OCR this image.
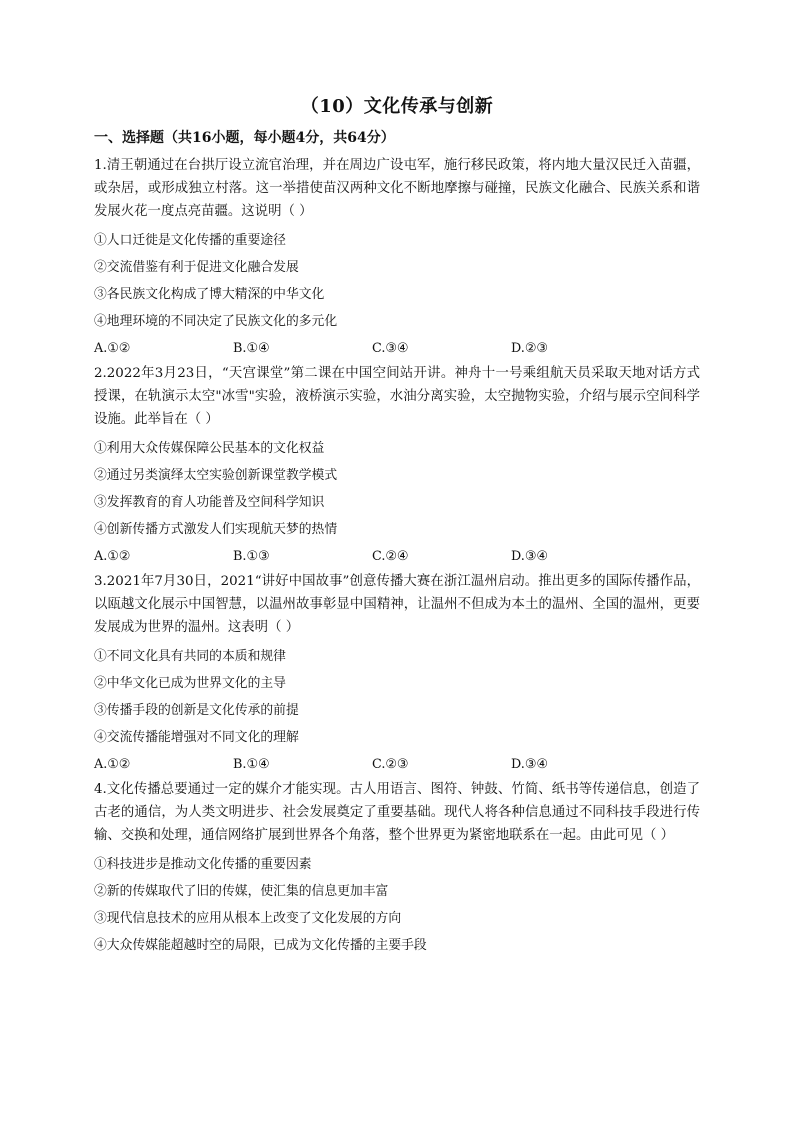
（10）文化传承与创新
一、选择题（共16小题，每小题4分，共64分）
1.清王朝通过在台拱厅设立流官治理，并在周边广设屯军，施行移民政策，将内地大量汉民迁入苗疆，或杂居，或形成独立村落。这一举措使苗汉两种文化不断地摩擦与碰撞，民族文化融合、民族关系和谐发展火花一度点亮苗疆。这说明（ ）
①人口迁徙是文化传播的重要途径
②交流借鉴有利于促进文化融合发展
③各民族文化构成了博大精深的中华文化
④地理环境的不同决定了民族文化的多元化
A.①②	B.①④	C.③④	D.②③
2.2022年3月23日，“天宫课堂”第二课在中国空间站开讲。神舟十一号乘组航天员采取天地对话方式授课，在轨演示太空"冰雪"实验，液桥演示实验，水油分离实验，太空抛物实验，介绍与展示空间科学设施。此举旨在（ ）
①利用大众传媒保障公民基本的文化权益
②通过另类演绎太空实验创新课堂教学模式
③发挥教育的育人功能普及空间科学知识
④创新传播方式激发人们实现航天梦的热情
A.①②	B.①③	C.②④	D.③④
3.2021年7月30日，2021“讲好中国故事”创意传播大赛在浙江温州启动。推出更多的国际传播作品，以瓯越文化展示中国智慧，以温州故事彰显中国精神，让温州不但成为本土的温州、全国的温州，更要发展成为世界的温州。这表明（ ）
①不同文化具有共同的本质和规律
②中华文化已成为世界文化的主导
③传播手段的创新是文化传承的前提
④交流传播能增强对不同文化的理解
A.①②	B.①④	C.②③	D.③④
4.文化传播总要通过一定的媒介才能实现。古人用语言、图符、钟鼓、竹简、纸书等传递信息，创造了古老的通信，为人类文明进步、社会发展奠定了重要基础。现代人将各种信息通过不同科技手段进行传输、交换和处理，通信网络扩展到世界各个角落，整个世界更为紧密地联系在一起。由此可见（ ）
①科技进步是推动文化传播的重要因素
②新的传媒取代了旧的传媒，使汇集的信息更加丰富
③现代信息技术的应用从根本上改变了文化发展的方向
④大众传媒能超越时空的局限，已成为文化传播的主要手段
